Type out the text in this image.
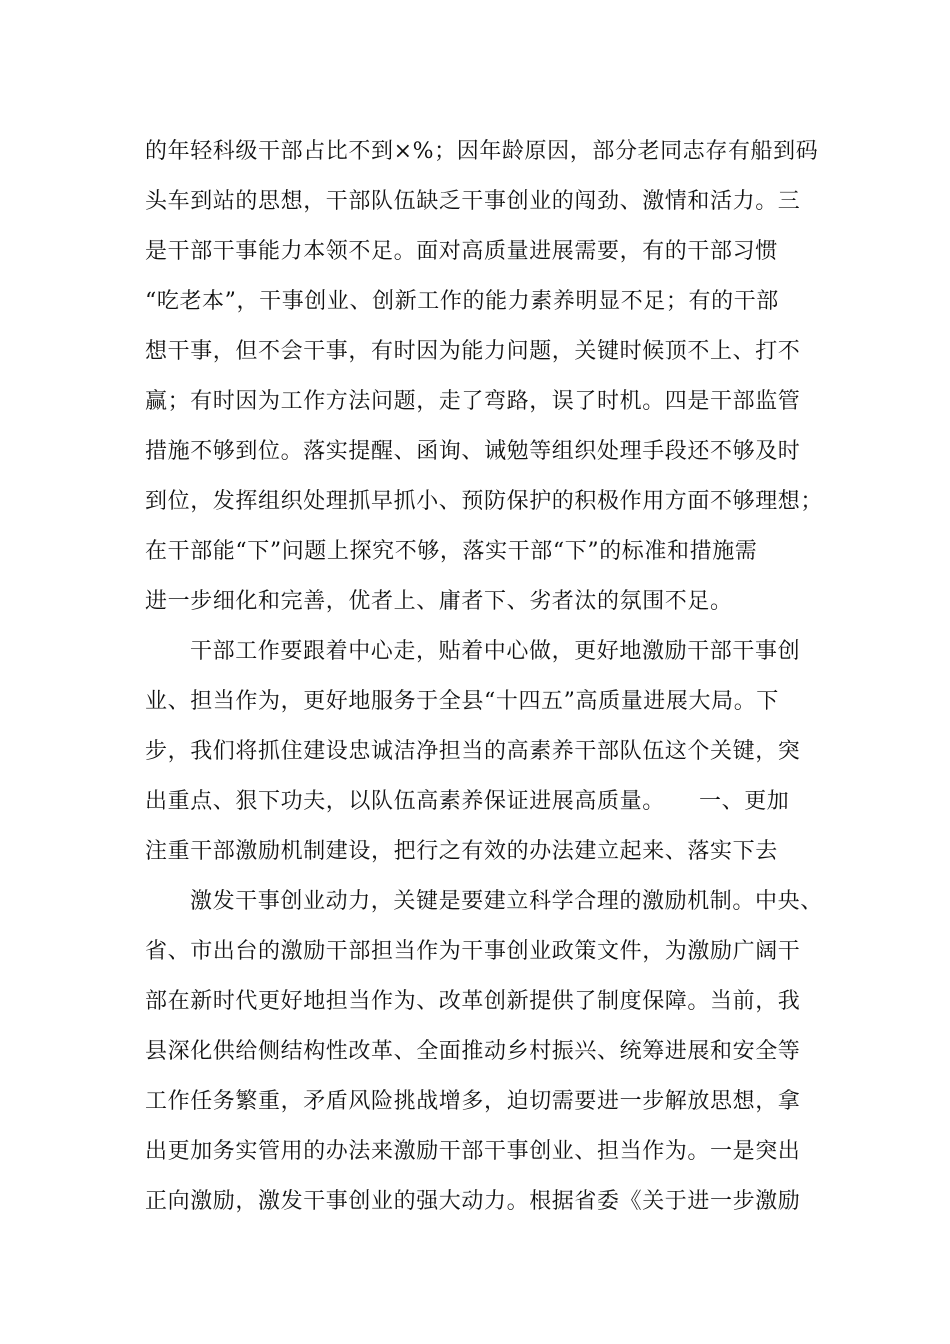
的年轻科级干部占比不到×%；因年龄原因，部分老同志存有船到码
头车到站的思想，干部队伍缺乏干事创业的闯劲、激情和活力。三
是干部干事能力本领不足。面对高质量进展需要，有的干部习惯
“吃老本”，干事创业、创新工作的能力素养明显不足；有的干部
想干事，但不会干事，有时因为能力问题，关键时候顶不上、打不
赢；有时因为工作方法问题，走了弯路，误了时机。四是干部监管
措施不够到位。落实提醒、函询、诫勉等组织处理手段还不够及时
到位，发挥组织处理抓早抓小、预防保护的积极作用方面不够理想；
在干部能“下”问题上探究不够，落实干部“下”的标准和措施需
进一步细化和完善，优者上、庸者下、劣者汰的氛围不足。
干部工作要跟着中心走，贴着中心做，更好地激励干部干事创
业、担当作为，更好地服务于全县“十四五”高质量进展大局。下
步，我们将抓住建设忠诚洁净担当的高素养干部队伍这个关键，突
出重点、狠下功夫，以队伍高素养保证进展高质量。　　一、更加
注重干部激励机制建设，把行之有效的办法建立起来、落实下去
激发干事创业动力，关键是要建立科学合理的激励机制。中央、
省、市出台的激励干部担当作为干事创业政策文件，为激励广阔干
部在新时代更好地担当作为、改革创新提供了制度保障。当前，我
县深化供给侧结构性改革、全面推动乡村振兴、统筹进展和安全等
工作任务繁重，矛盾风险挑战增多，迫切需要进一步解放思想，拿
出更加务实管用的办法来激励干部干事创业、担当作为。一是突出
正向激励，激发干事创业的强大动力。根据省委《关于进一步激励
